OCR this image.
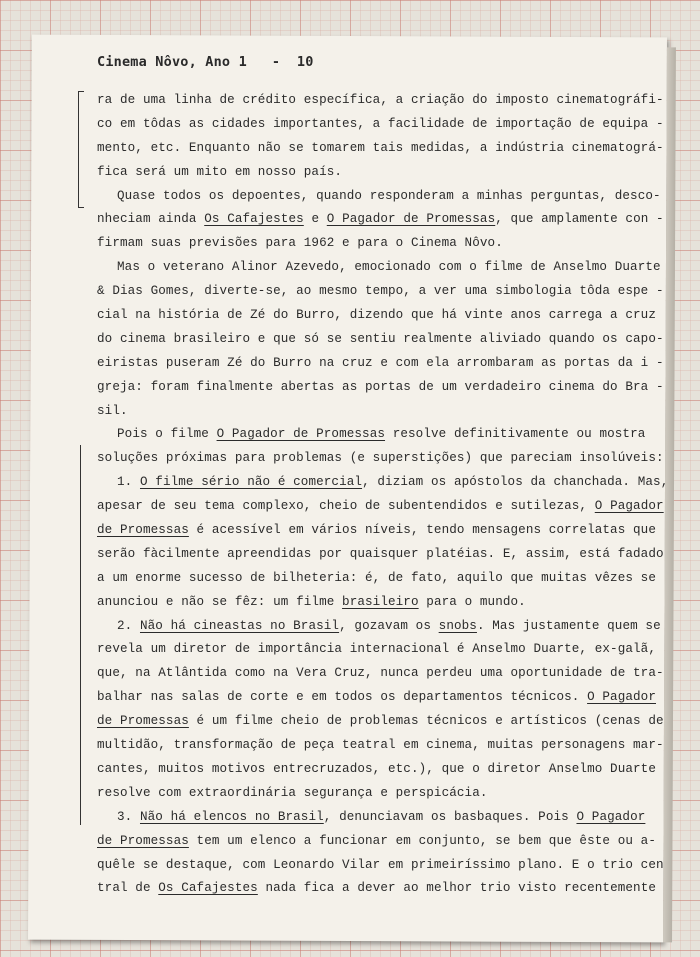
Cinema Nôvo, Ano 1 - 10
ra de uma linha de crédito específica, a criação do imposto cinematográfi-
co em tôdas as cidades importantes, a facilidade de importação de equipa -
mento, etc. Enquanto não se tomarem tais medidas, a indústria cinematográ-
fica será um mito em nosso país.
Quase todos os depoentes, quando responderam a minhas perguntas, desco-
nheciam ainda Os Cafajestes e O Pagador de Promessas, que amplamente con -
firmam suas previsões para 1962 e para o Cinema Nôvo.
Mas o veterano Alinor Azevedo, emocionado com o filme de Anselmo Duarte
& Dias Gomes, diverte-se, ao mesmo tempo, a ver uma simbologia tôda espe -
cial na história de Zé do Burro, dizendo que há vinte anos carrega a cruz
do cinema brasileiro e que só se sentiu realmente aliviado quando os capo-
eiristas puseram Zé do Burro na cruz e com ela arrombaram as portas da i -
greja: foram finalmente abertas as portas de um verdadeiro cinema do Bra -
sil.
Pois o filme O Pagador de Promessas resolve definitivamente ou mostra
soluções próximas para problemas (e superstições) que pareciam insolúveis:
1. O filme sério não é comercial, diziam os apóstolos da chanchada. Mas,
apesar de seu tema complexo, cheio de subentendidos e sutilezas, O Pagador
de Promessas é acessível em vários níveis, tendo mensagens correlatas que
serão fàcilmente apreendidas por quaisquer platéias. E, assim, está fadado
a um enorme sucesso de bilheteria: é, de fato, aquilo que muitas vêzes se
anunciou e não se fêz: um filme brasileiro para o mundo.
2. Não há cineastas no Brasil, gozavam os snobs. Mas justamente quem se
revela um diretor de importância internacional é Anselmo Duarte, ex-galã,
que, na Atlântida como na Vera Cruz, nunca perdeu uma oportunidade de tra-
balhar nas salas de corte e em todos os departamentos técnicos. O Pagador
de Promessas é um filme cheio de problemas técnicos e artísticos (cenas de
multidão, transformação de peça teatral em cinema, muitas personagens mar-
cantes, muitos motivos entrecruzados, etc.), que o diretor Anselmo Duarte
resolve com extraordinária segurança e perspicácia.
3. Não há elencos no Brasil, denunciavam os basbaques. Pois O Pagador
de Promessas tem um elenco a funcionar em conjunto, se bem que êste ou a-
quêle se destaque, com Leonardo Vilar em primeiríssimo plano. E o trio cen
tral de Os Cafajestes nada fica a dever ao melhor trio visto recentemente
